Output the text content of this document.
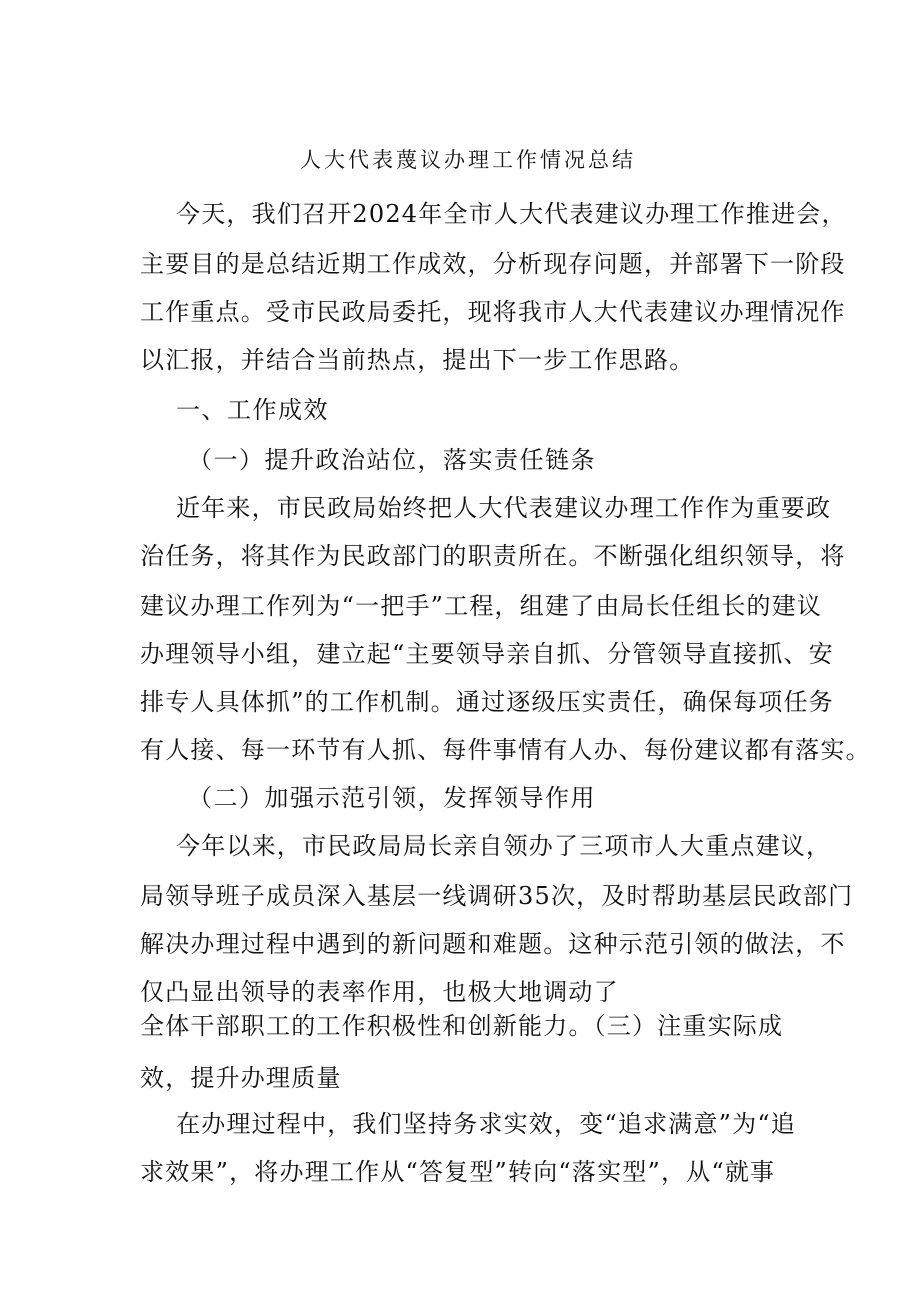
人大代表蔑议办理工作情况总结
今天，我们召开2024年全市人大代表建议办理工作推进会，
主要目的是总结近期工作成效，分析现存问题，并部署下一阶段
工作重点。受市民政局委托，现将我市人大代表建议办理情况作
以汇报，并结合当前热点，提出下一步工作思路。
一、工作成效
（一）提升政治站位，落实责任链条
近年来，市民政局始终把人大代表建议办理工作作为重要政
治任务，将其作为民政部门的职责所在。不断强化组织领导，将
建议办理工作列为“一把手”工程，组建了由局长任组长的建议
办理领导小组，建立起“主要领导亲自抓、分管领导直接抓、安
排专人具体抓”的工作机制。通过逐级压实责任，确保每项任务
有人接、每一环节有人抓、每件事情有人办、每份建议都有落实。
（二）加强示范引领，发挥领导作用
今年以来，市民政局局长亲自领办了三项市人大重点建议，
局领导班子成员深入基层一线调研35次，及时帮助基层民政部门
解决办理过程中遇到的新问题和难题。这种示范引领的做法，不
仅凸显出领导的表率作用，也极大地调动了
全体干部职工的工作积极性和创新能力。（三）注重实际成
效，提升办理质量
在办理过程中，我们坚持务求实效，变“追求满意”为“追
求效果”，将办理工作从“答复型”转向“落实型”，从“就事
